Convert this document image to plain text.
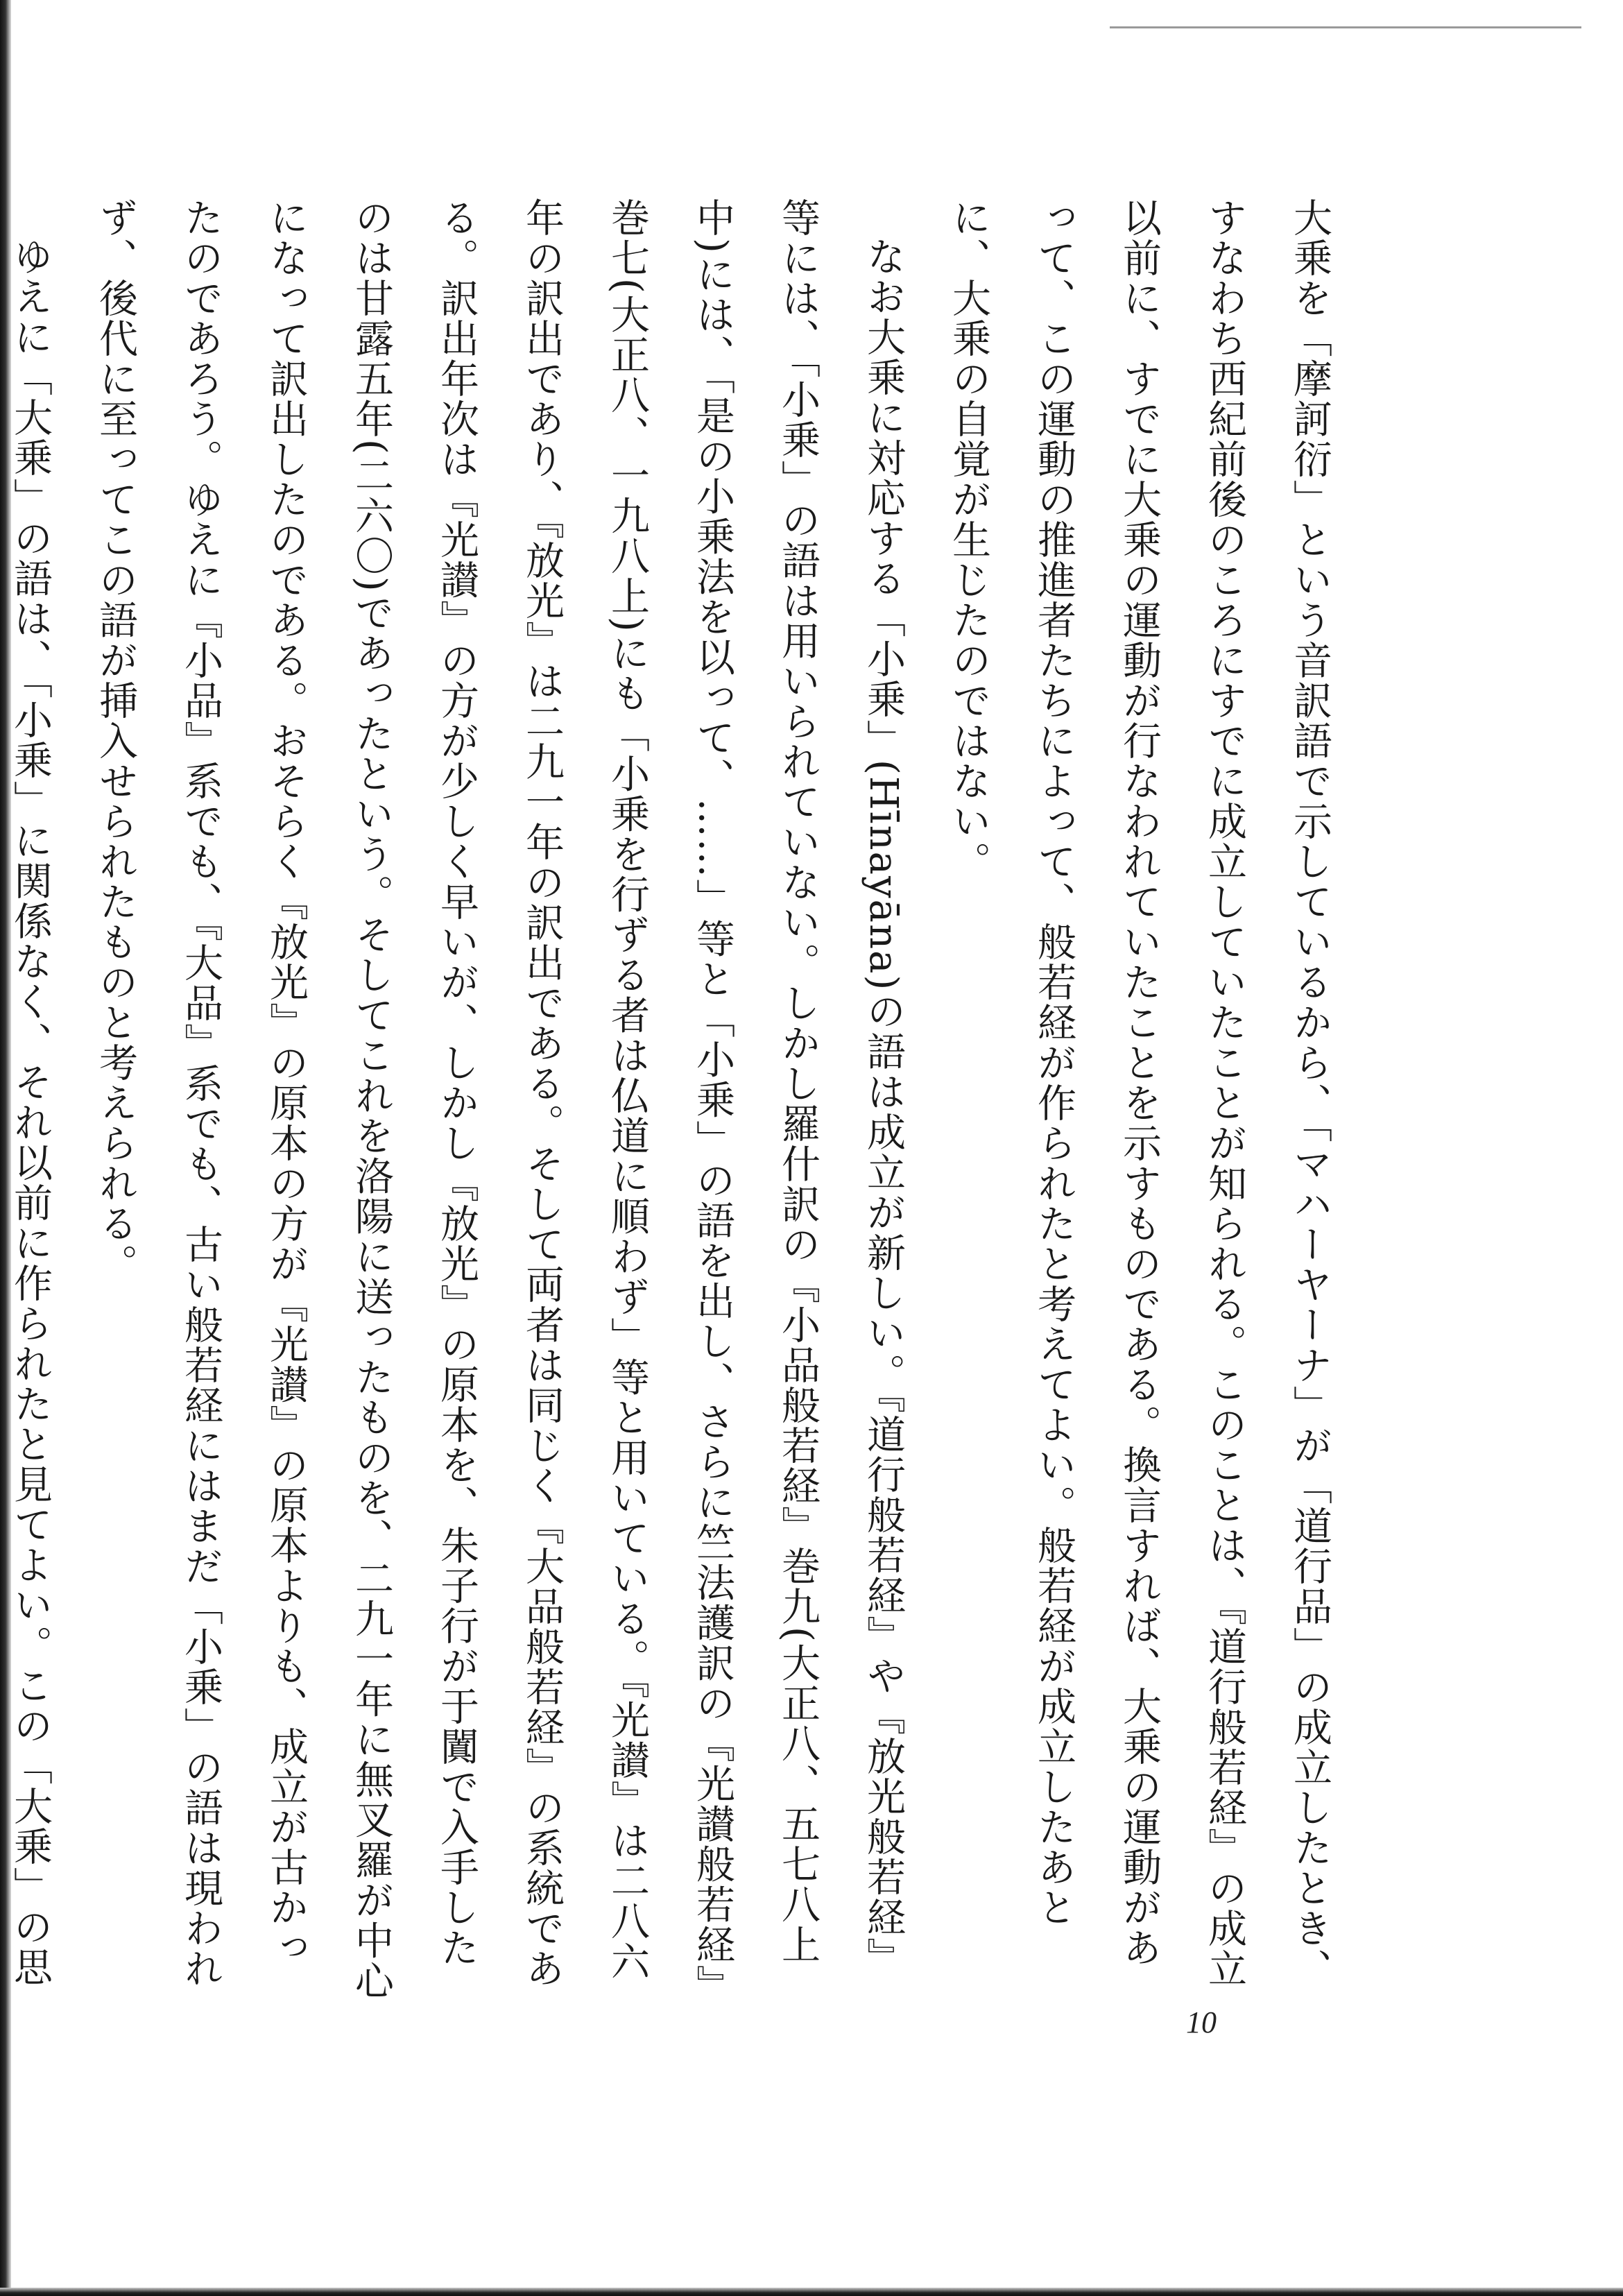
大乗を「摩訶衍」という音訳語で示しているから、「マハーヤーナ」が「道行品」の成立したとき、すなわち西紀前後のころにすでに成立していたことが知られる。このことは、『道行般若経』の成立以前に、すでに大乗の運動が行なわれていたことを示すものである。換言すれば、大乗の運動があって、この運動の推進者たちによって、般若経が作られたと考えてよい。般若経が成立したあとに、大乗の自覚が生じたのではない。

なお大乗に対応する「小乗」(Hīnayāna)の語は成立が新しい。『道行般若経』や『放光般若経』等には、「小乗」の語は用いられていない。しかし羅什訳の『小品般若経』巻九(大正八、五七八上中)には、「是の小乗法を以って、……」等と「小乗」の語を出し、さらに竺法護訳の『光讃般若経』巻七(大正八、一九八上)にも「小乗を行ずる者は仏道に順わず」等と用いている。『光讃』は二八六年の訳出であり、『放光』は二九一年の訳出である。そして両者は同じく『大品般若経』の系統である。訳出年次は『光讃』の方が少しく早いが、しかし『放光』の原本を、朱子行が于闐で入手したのは甘露五年(二六〇)であったという。そしてこれを洛陽に送ったものを、二九一年に無叉羅が中心になって訳出したのである。おそらく『放光』の原本の方が『光讃』の原本よりも、成立が古かったのであろう。ゆえに『小品』系でも、『大品』系でも、古い般若経にはまだ「小乗」の語は現われず、後代に至ってこの語が挿入せられたものと考えられる。

ゆえに「大乗」の語は、「小乗」に関係なく、それ以前に作られたと見てよい。この「大乗」の思

10
